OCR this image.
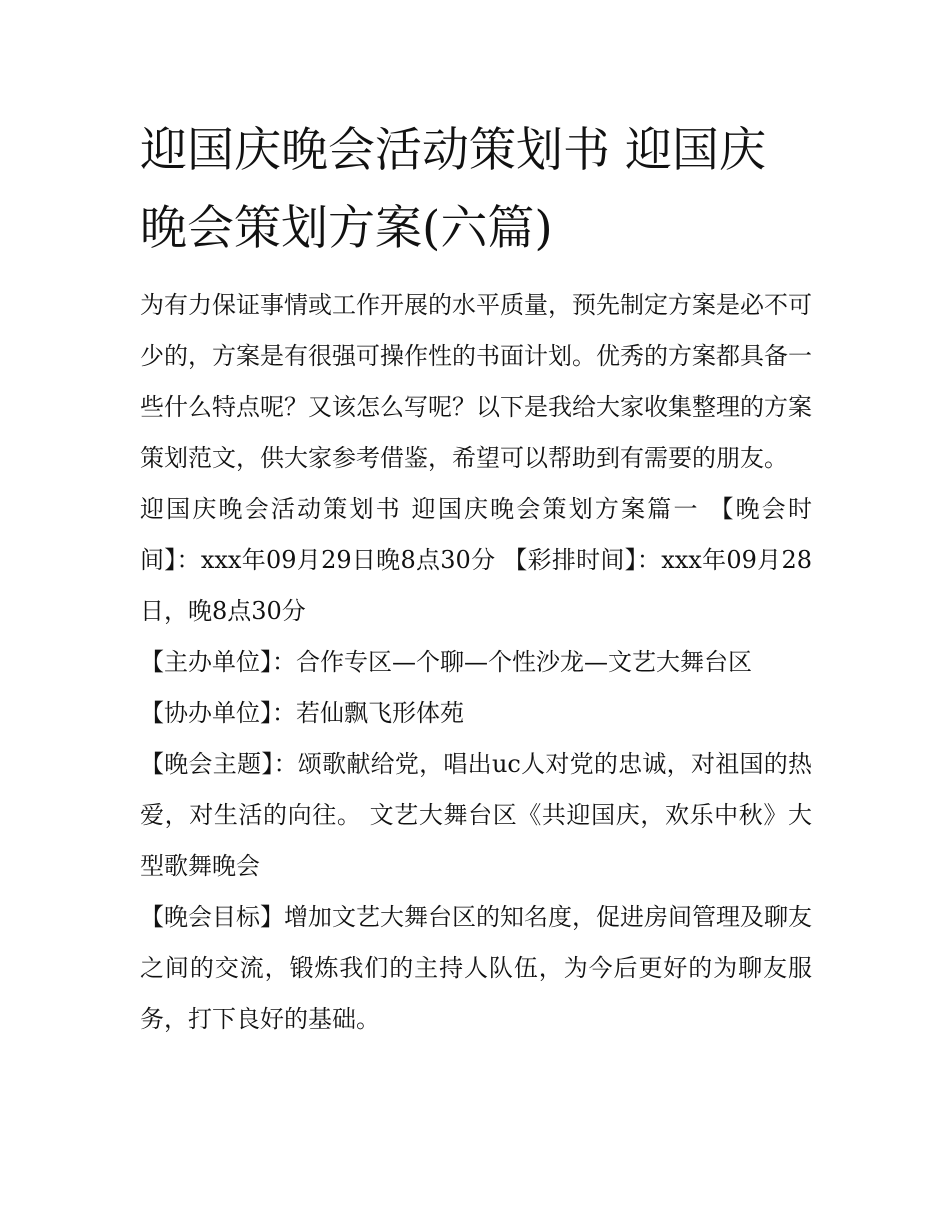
迎国庆晚会活动策划书 迎国庆晚会策划方案(六篇)

为有力保证事情或工作开展的水平质量，预先制定方案是必不可少的，方案是有很强可操作性的书面计划。优秀的方案都具备一些什么特点呢？又该怎么写呢？以下是我给大家收集整理的方案策划范文，供大家参考借鉴，希望可以帮助到有需要的朋友。

迎国庆晚会活动策划书 迎国庆晚会策划方案篇一 【晚会时间】：xxx年09月29日晚8点30分 【彩排时间】：xxx年09月28日，晚8点30分

【主办单位】：合作专区—个聊—个性沙龙—文艺大舞台区

【协办单位】：若仙飘飞形体苑

【晚会主题】：颂歌献给党，唱出uc人对党的忠诚，对祖国的热爱，对生活的向往。 文艺大舞台区《共迎国庆，欢乐中秋》大型歌舞晚会

【晚会目标】增加文艺大舞台区的知名度，促进房间管理及聊友之间的交流，锻炼我们的主持人队伍，为今后更好的为聊友服务，打下良好的基础。
